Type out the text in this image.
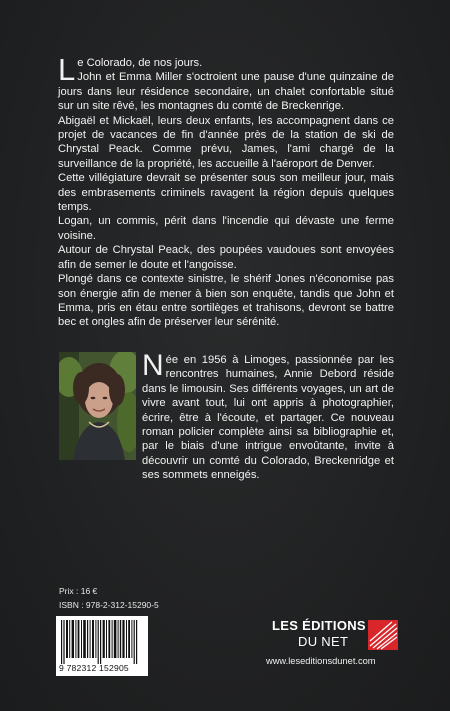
Le Colorado, de nos jours.

John et Emma Miller s'octroient une pause d'une quinzaine de jours dans leur résidence secondaire, un chalet confortable situé sur un site rêvé, les montagnes du comté de Breckenrige.

Abigaël et Mickaël, leurs deux enfants, les accompagnent dans ce projet de vacances de fin d'année près de la station de ski de Chrystal Peack. Comme prévu, James, l'ami chargé de la surveillance de la propriété, les accueille à l'aéroport de Denver.

Cette villégiature devrait se présenter sous son meilleur jour, mais des embrasements criminels ravagent la région depuis quelques temps.

Logan, un commis, périt dans l'incendie qui dévaste une ferme voisine.

Autour de Chrystal Peack, des poupées vaudoues sont envoyées afin de semer le doute et l'angoisse.

Plongé dans ce contexte sinistre, le shérif Jones n'économise pas son énergie afin de mener à bien son enquête, tandis que John et Emma, pris en étau entre sortilèges et trahisons, devront se battre bec et ongles afin de préserver leur sérénité.

Née en 1956 à Limoges, passionnée par les rencontres humaines, Annie Debord réside dans le limousin. Ses différents voyages, un art de vivre avant tout, lui ont appris à photographier, écrire, être à l'écoute, et partager. Ce nouveau roman policier complète ainsi sa bibliographie et, par le biais d'une intrigue envoûtante, invite à découvrir un comté du Colorado, Breckenridge et ses sommets enneigés.
Prix : 16 €
ISBN : 978-2-312-15290-5
9 782312 152905
LES ÉDITIONS
DU NET
www.leseditionsdunet.com
